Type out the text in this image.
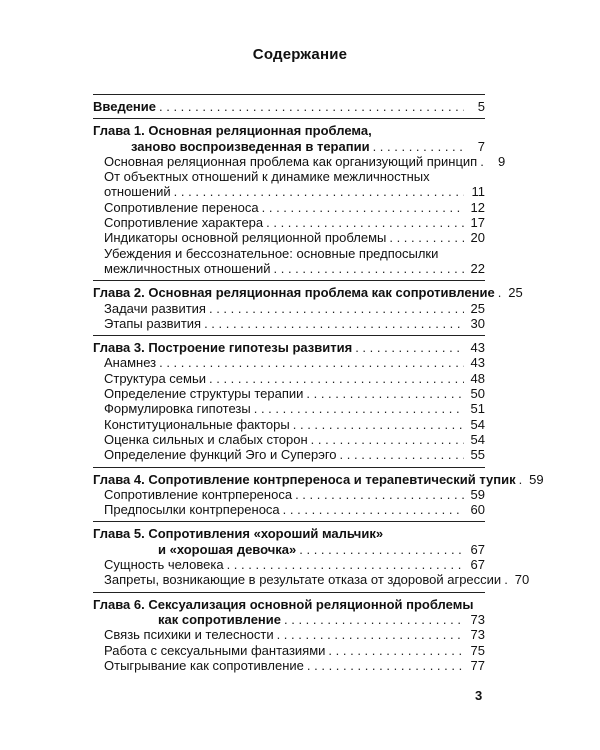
Содержание
Введение . . .	5
Глава 1. Основная реляционная проблема,
заново воспроизведенная в терапии . . .	7
Основная реляционная проблема как организующий принцип . . .	9
От объектных отношений к динамике межличностных
отношений . . .	11
Сопротивление переноса . . .	12
Сопротивление характера . . .	17
Индикаторы основной реляционной проблемы . . .	20
Убеждения и бессознательное: основные предпосылки
межличностных отношений . . .	22
Глава 2. Основная реляционная проблема как сопротивление . . . 25
Задачи развития . . .	25
Этапы развития . . .	30
Глава 3. Построение гипотезы развития . . .	43
Анамнез . . .	43
Структура семьи . . .	48
Определение структуры терапии . . .	50
Формулировка гипотезы . . .	51
Конституциональные факторы . . .	54
Оценка сильных и слабых сторон . . .	54
Определение функций Эго и Суперэго . . .	55
Глава 4. Сопротивление контрпереноса и терапевтический тупик . . . 59
Сопротивление контрпереноса . . .	59
Предпосылки контрпереноса . . .	60
Глава 5. Сопротивления «хороший мальчик»
и «хорошая девочка» . . .	67
Сущность человека . . .	67
Запреты, возникающие в результате отказа от здоровой агрессии . . . 70
Глава 6. Сексуализация основной реляционной проблемы
как сопротивление . . .	73
Связь психики и телесности . . .	73
Работа с сексуальными фантазиями . . .	75
Отыгрывание как сопротивление . . .	77
3
